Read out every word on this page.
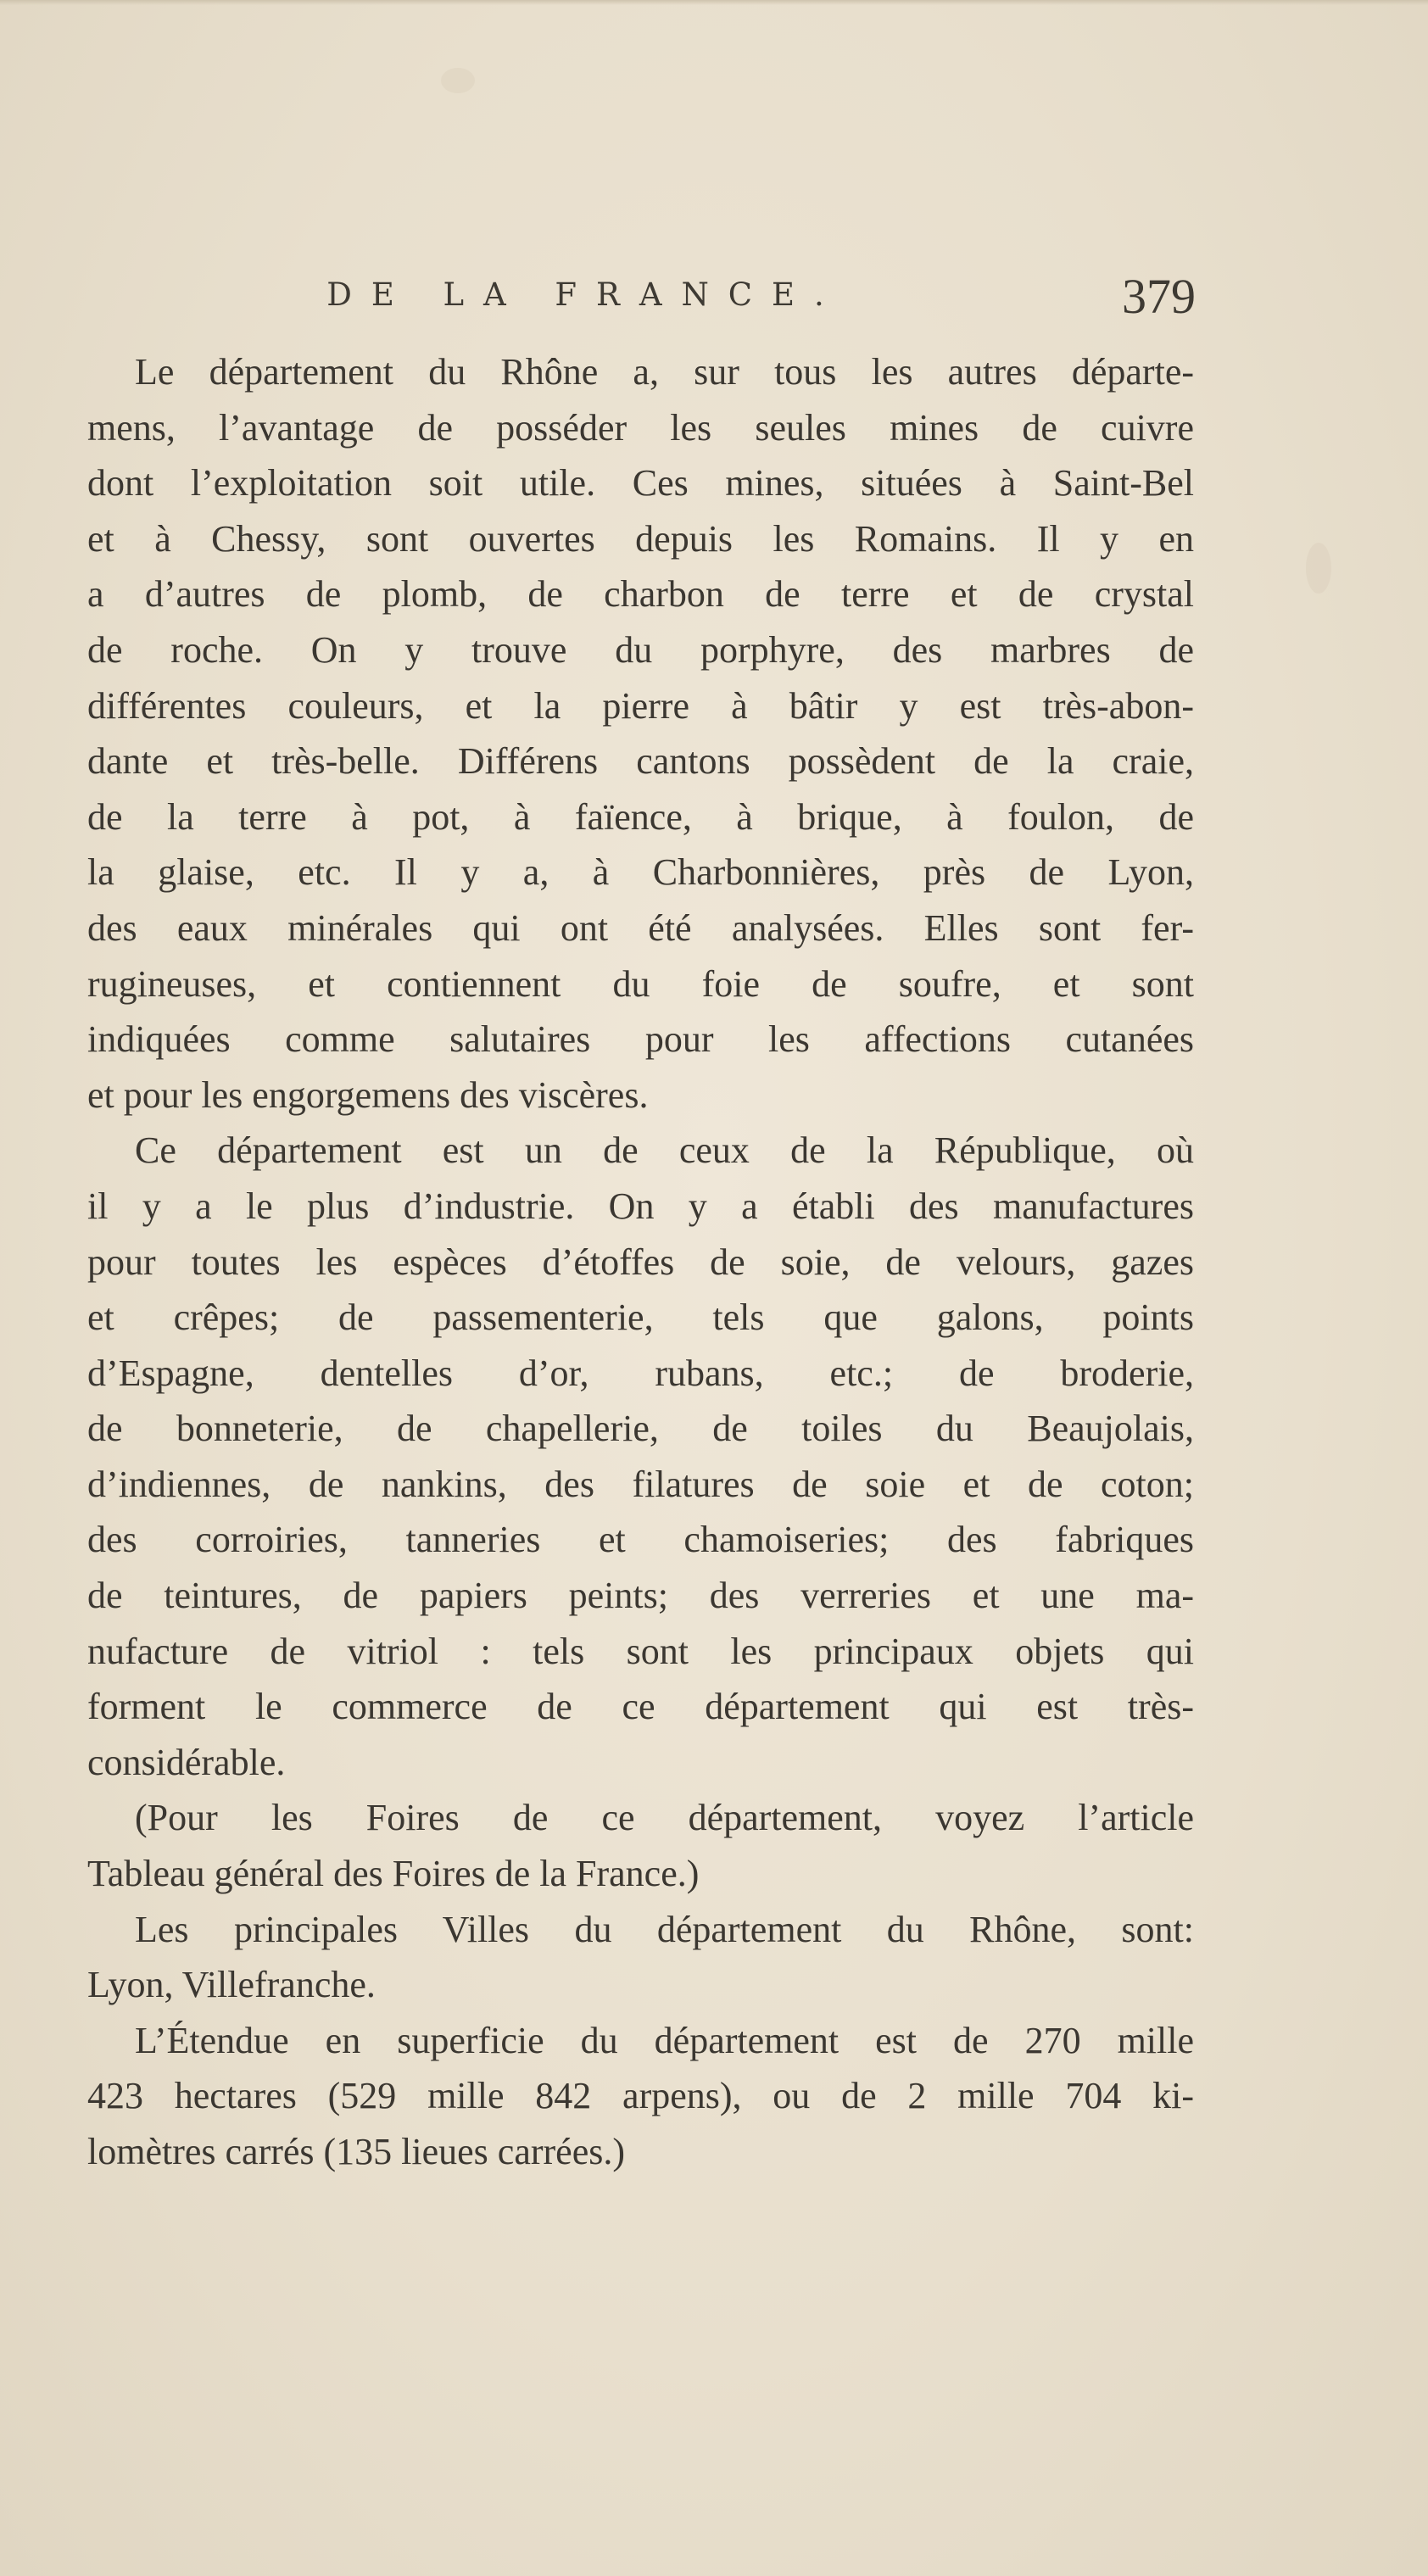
DE LA FRANCE.	379
Le département du Rhône a, sur tous les autres départe-
mens, l’avantage de posséder les seules mines de cuivre
dont l’exploitation soit utile. Ces mines, situées à Saint-Bel
et à Chessy, sont ouvertes depuis les Romains. Il y en
a d’autres de plomb, de charbon de terre et de crystal
de roche. On y trouve du porphyre, des marbres de
différentes couleurs, et la pierre à bâtir y est très-abon-
dante et très-belle. Différens cantons possèdent de la craie,
de la terre à pot, à faïence, à brique, à foulon, de
la glaise, etc. Il y a, à Charbonnières, près de Lyon,
des eaux minérales qui ont été analysées. Elles sont fer-
rugineuses, et contiennent du foie de soufre, et sont
indiquées comme salutaires pour les affections cutanées
et pour les engorgemens des viscères.
Ce département est un de ceux de la République, où
il y a le plus d’industrie. On y a établi des manufactures
pour toutes les espèces d’étoffes de soie, de velours, gazes
et crêpes; de passementerie, tels que galons, points
d’Espagne, dentelles d’or, rubans, etc.; de broderie,
de bonneterie, de chapellerie, de toiles du Beaujolais,
d’indiennes, de nankins, des filatures de soie et de coton;
des corroiries, tanneries et chamoiseries; des fabriques
de teintures, de papiers peints; des verreries et une ma-
nufacture de vitriol : tels sont les principaux objets qui
forment le commerce de ce département qui est très-
considérable.
(Pour les Foires de ce département, voyez l’article
Tableau général des Foires de la France.)
Les principales Villes du département du Rhône, sont:
Lyon, Villefranche.
L’Étendue en superficie du département est de 270 mille
423 hectares (529 mille 842 arpens), ou de 2 mille 704 ki-
lomètres carrés (135 lieues carrées.)
